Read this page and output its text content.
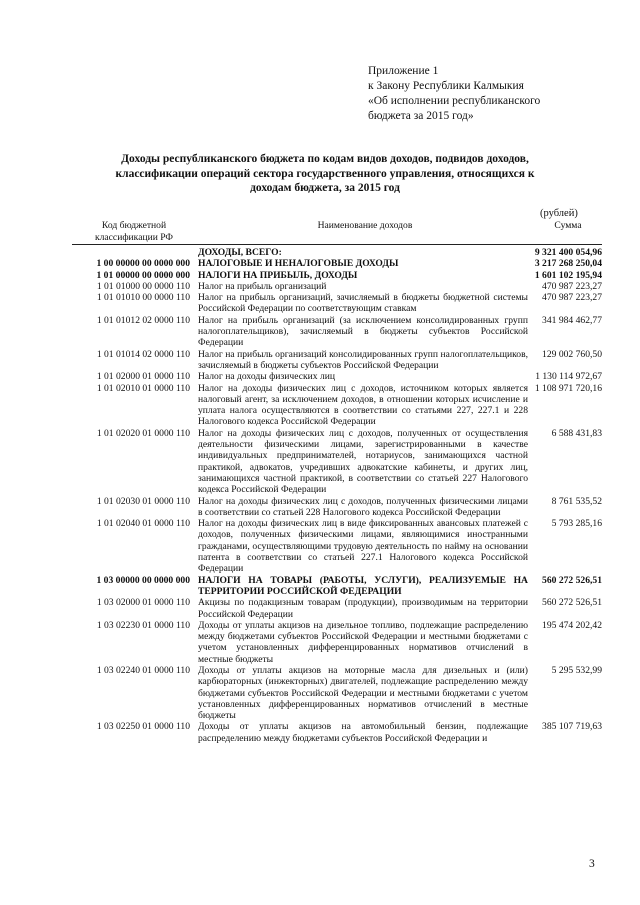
Приложение 1
к Закону Республики Калмыкия
«Об исполнении республиканского
бюджета за 2015 год»
Доходы республиканского бюджета по кодам видов доходов, подвидов доходов,
классификации операций сектора государственного управления, относящихся к
доходам бюджета, за 2015 год
(рублей)
Код бюджетной классификации РФ	Наименование доходов	Сумма
	ДОХОДЫ, ВСЕГО:	9 321 400 054,96
1 00 00000 00 0000 000	НАЛОГОВЫЕ И НЕНАЛОГОВЫЕ ДОХОДЫ	3 217 268 250,04
1 01 00000 00 0000 000	НАЛОГИ НА ПРИБЫЛЬ, ДОХОДЫ	1 601 102 195,94
1 01 01000 00 0000 110	Налог на прибыль организаций	470 987 223,27
1 01 01010 00 0000 110	Налог на прибыль организаций, зачисляемый в бюджеты бюджетной системы Российской Федерации по соответствующим ставкам	470 987 223,27
1 01 01012 02 0000 110	Налог на прибыль организаций (за исключением консолидированных групп налогоплательщиков), зачисляемый в бюджеты субъектов Российской Федерации	341 984 462,77
1 01 01014 02 0000 110	Налог на прибыль организаций консолидированных групп налогоплательщиков, зачисляемый в бюджеты субъектов Российской Федерации	129 002 760,50
1 01 02000 01 0000 110	Налог на доходы физических лиц	1 130 114 972,67
1 01 02010 01 0000 110	Налог на доходы физических лиц с доходов, источником которых является налоговый агент, за исключением доходов, в отношении которых исчисление и уплата налога осуществляются в соответствии со статьями 227, 227.1 и 228 Налогового кодекса Российской Федерации	1 108 971 720,16
1 01 02020 01 0000 110	Налог на доходы физических лиц с доходов, полученных от осуществления деятельности физическими лицами, зарегистрированными в качестве индивидуальных предпринимателей, нотариусов, занимающихся частной практикой, адвокатов, учредивших адвокатские кабинеты, и других лиц, занимающихся частной практикой, в соответствии со статьей 227 Налогового кодекса Российской Федерации	6 588 431,83
1 01 02030 01 0000 110	Налог на доходы физических лиц с доходов, полученных физическими лицами в соответствии со статьей 228 Налогового кодекса Российской Федерации	8 761 535,52
1 01 02040 01 0000 110	Налог на доходы физических лиц в виде фиксированных авансовых платежей с доходов, полученных физическими лицами, являющимися иностранными гражданами, осуществляющими трудовую деятельность по найму на основании патента в соответствии со статьей 227.1 Налогового кодекса Российской Федерации	5 793 285,16
1 03 00000 00 0000 000	НАЛОГИ НА ТОВАРЫ (РАБОТЫ, УСЛУГИ), РЕАЛИЗУЕМЫЕ НА ТЕРРИТОРИИ РОССИЙСКОЙ ФЕДЕРАЦИИ	560 272 526,51
1 03 02000 01 0000 110	Акцизы по подакцизным товарам (продукции), производимым на территории Российской Федерации	560 272 526,51
1 03 02230 01 0000 110	Доходы от уплаты акцизов на дизельное топливо, подлежащие распределению между бюджетами субъектов Российской Федерации и местными бюджетами с учетом установленных дифференцированных нормативов отчислений в местные бюджеты	195 474 202,42
1 03 02240 01 0000 110	Доходы от уплаты акцизов на моторные масла для дизельных и (или) карбюраторных (инжекторных) двигателей, подлежащие распределению между бюджетами субъектов Российской Федерации и местными бюджетами с учетом установленных дифференцированных нормативов отчислений в местные бюджеты	5 295 532,99
1 03 02250 01 0000 110	Доходы от уплаты акцизов на автомобильный бензин, подлежащие распределению между бюджетами субъектов Российской Федерации и	385 107 719,63
3
